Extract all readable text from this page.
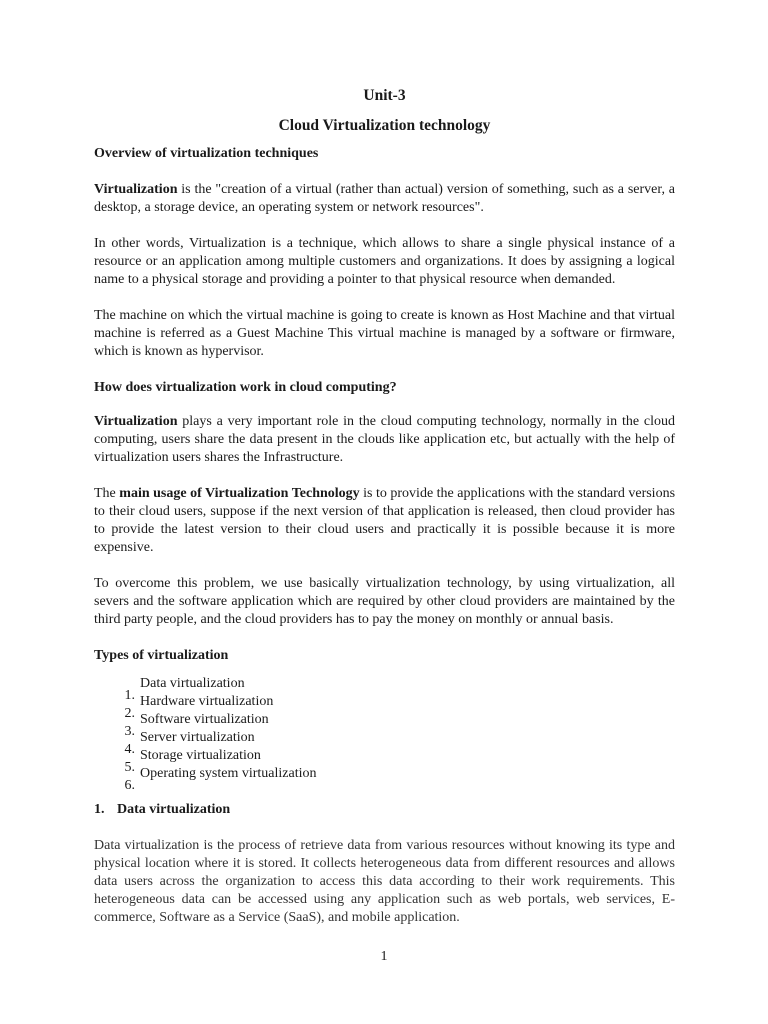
Unit-3
Cloud Virtualization technology
Overview of virtualization techniques

Virtualization is the "creation of a virtual (rather than actual) version of something, such as a server, a desktop, a storage device, an operating system or network resources".

In other words, Virtualization is a technique, which allows to share a single physical instance of a resource or an application among multiple customers and organizations. It does by assigning a logical name to a physical storage and providing a pointer to that physical resource when demanded.

The machine on which the virtual machine is going to create is known as Host Machine and that virtual machine is referred as a Guest Machine This virtual machine is managed by a software or firmware, which is known as hypervisor.

How does virtualization work in cloud computing?

Virtualization plays a very important role in the cloud computing technology, normally in the cloud computing, users share the data present in the clouds like application etc, but actually with the help of virtualization users shares the Infrastructure.

The main usage of Virtualization Technology is to provide the applications with the standard versions to their cloud users, suppose if the next version of that application is released, then cloud provider has to provide the latest version to their cloud users and practically it is possible because it is more expensive.

To overcome this problem, we use basically virtualization technology, by using virtualization, all severs and the software application which are required by other cloud providers are maintained by the third party people, and the cloud providers has to pay the money on monthly or annual basis.

Types of virtualization
1.
Data virtualization
2.
Hardware virtualization
3.
Software virtualization
4.
Server virtualization
5.
Storage virtualization
6.
Operating system virtualization
1. Data virtualization

Data virtualization is the process of retrieve data from various resources without knowing its type and physical location where it is stored. It collects heterogeneous data from different resources and allows data users across the organization to access this data according to their work requirements. This heterogeneous data can be accessed using any application such as web portals, web services, E-commerce, Software as a Service (SaaS), and mobile application.

1
